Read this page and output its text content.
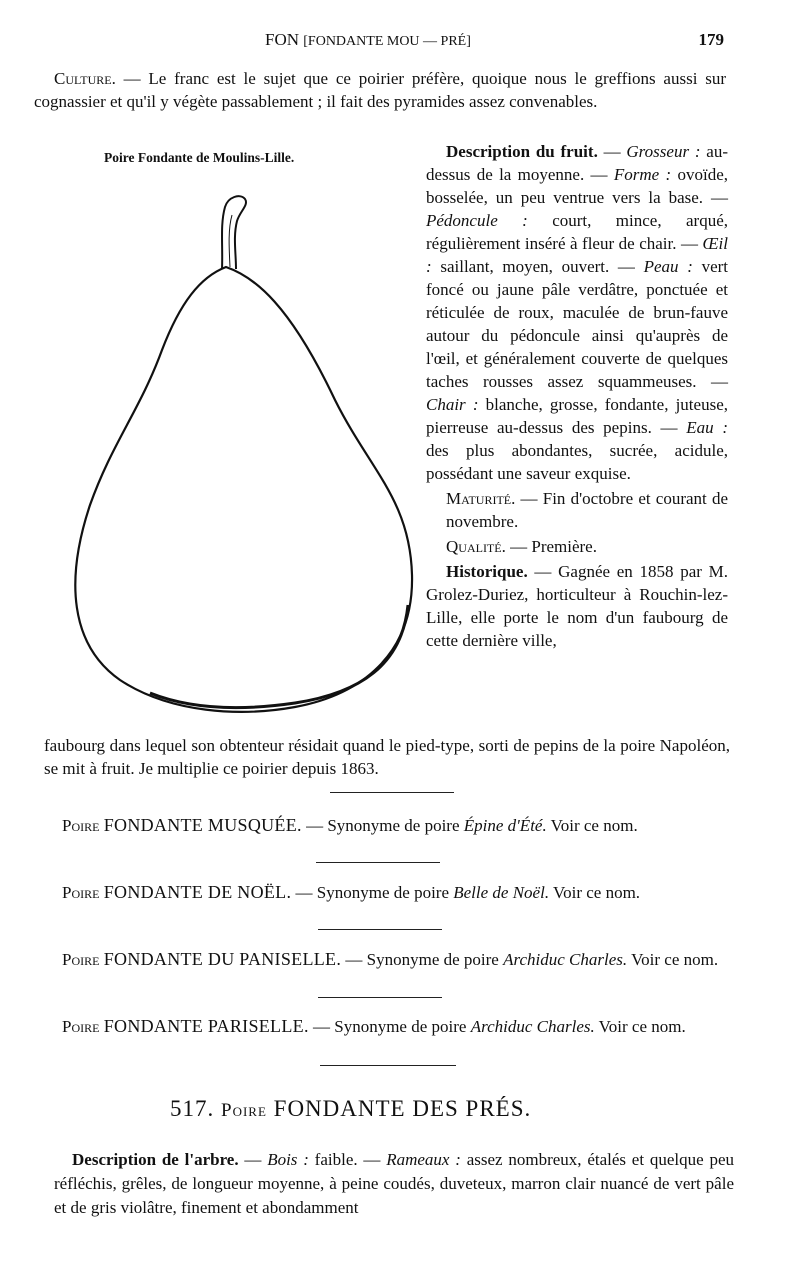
FON [FONDANTE MOU — PRÉ]	179
Culture. — Le franc est le sujet que ce poirier préfère, quoique nous le greffions aussi sur cognassier et qu'il y végète passablement ; il fait des pyramides assez convenables.
Poire Fondante de Moulins-Lille.	Description du fruit. — Grosseur : au-dessus de la moyenne. — Forme : ovoïde, bosselée, un peu ventrue vers la base. — Pédoncule : court, mince, arqué, régulièrement inséré à fleur de chair. — Œil : saillant, moyen, ouvert. — Peau : vert foncé ou jaune pâle verdâtre, ponctuée et réticulée de roux, maculée de brun-fauve autour du pédoncule ainsi qu'auprès de l'œil, et généralement couverte de quelques taches rousses assez squammeuses. — Chair : blanche, grosse, fondante, juteuse, pierreuse au-dessus des pepins. — Eau : des plus abondantes, sucrée, acidule, possédant une saveur exquise.
Maturité. — Fin d'octobre et courant de novembre.
Qualité. — Première.
Historique. — Gagnée en 1858 par M. Grolez-Duriez, horticulteur à Rouchin-lez-Lille, elle porte le nom d'un faubourg de cette dernière ville,
faubourg dans lequel son obtenteur résidait quand le pied-type, sorti de pepins de la poire Napoléon, se mit à fruit. Je multiplie ce poirier depuis 1863.
Poire FONDANTE MUSQUÉE. — Synonyme de poire Épine d'Été. Voir ce nom.
Poire FONDANTE DE NOËL. — Synonyme de poire Belle de Noël. Voir ce nom.
Poire FONDANTE DU PANISELLE. — Synonyme de poire Archiduc Charles. Voir ce nom.
Poire FONDANTE PARISELLE. — Synonyme de poire Archiduc Charles. Voir ce nom.
517. Poire FONDANTE DES PRÉS.
Description de l'arbre. — Bois : faible. — Rameaux : assez nombreux, étalés et quelque peu réfléchis, grêles, de longueur moyenne, à peine coudés, duveteux, marron clair nuancé de vert pâle et de gris violâtre, finement et abondamment
